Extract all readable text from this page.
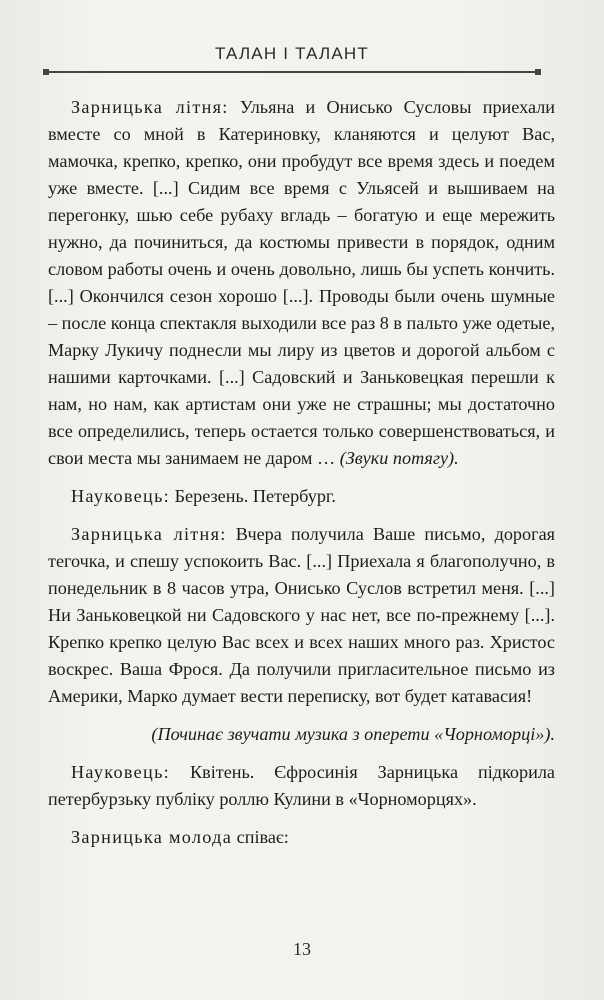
ТАЛАН І ТАЛАНТ

Зарницька лiтня: Ульяна и Онисько Сусловы приехали вместе со мной в Катериновку, кланяются и целуют Вас, мамочка, крепко, крепко, они пробудут все время здесь и поедем уже вместе. [...] Сидим все время с Ульясей и вышиваем на перегонку, шью себе рубаху вгладь – богатую и еще мережить нужно, да починиться, да костюмы привести в порядок, одним словом работы очень и очень довольно, лишь бы успеть кончить. [...] Окончился сезон хорошо [...]. Проводы были очень шумные – после конца спектакля выходили все раз 8 в пальто уже одетые, Марку Лукичу поднесли мы лиру из цветов и дорогой альбом с нашими карточками. [...] Садовский и Заньковецкая перешли к нам, но нам, как артистам они уже не страшны; мы достаточно все определились, теперь остается только совершенствоваться, и свои места мы занимаем не даром … (Звуки потягу).

Науковець: Березень. Петербург.

Зарницька лiтня: Вчера получила Ваше письмо, дорогая тегочка, и спешу успокоить Вас. [...] Приехала я благополучно, в понедельник в 8 часов утра, Онисько Суслов встретил меня. [...] Ни Заньковецкой ни Садовского у нас нет, все по-прежнему [...]. Крепко крепко целую Вас всех и всех наших много раз. Христос воскрес. Ваша Фрося. Да получили пригласительное письмо из Америки, Марко думает вести переписку, вот будет катавасия!

(Починає звучати музика з оперети «Чорноморці»).

Науковець: Квітень. Єфросинія Зарницька підкорила петербурзьку публіку роллю Кулини в «Чорноморцях».

Зарницька молода співає:

13
